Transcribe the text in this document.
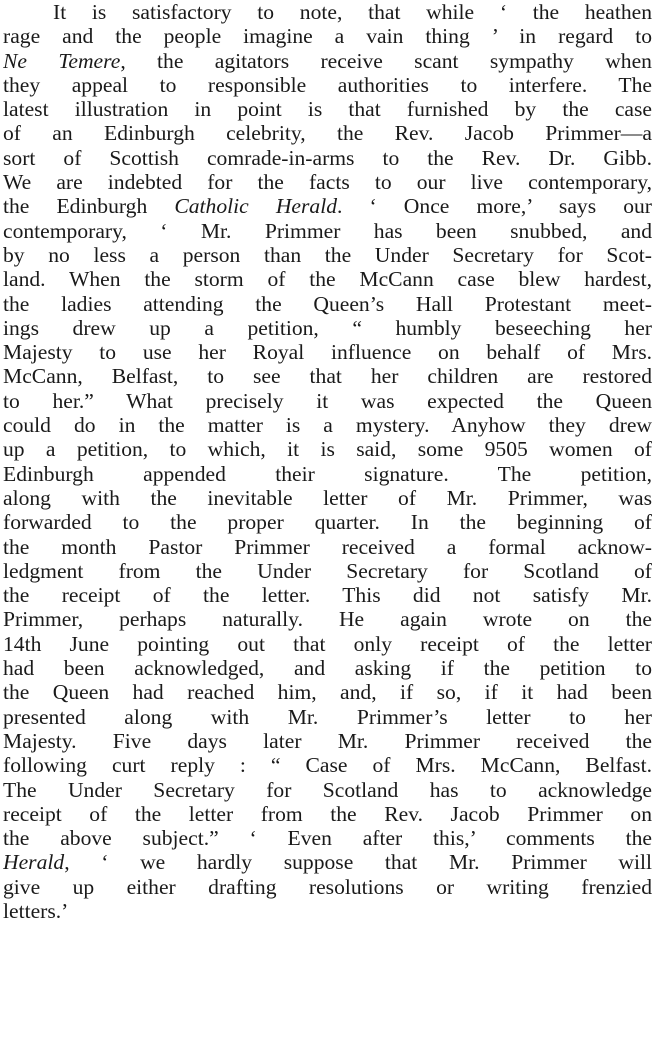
It is satisfactory to note, that while ‘ the heathen
rage and the people imagine a vain thing ’ in regard to
Ne Temere, the agitators receive scant sympathy when
they appeal to responsible authorities to interfere. The
latest illustration in point is that furnished by the case
of an Edinburgh celebrity, the Rev. Jacob Primmer—a
sort of Scottish comrade-in-arms to the Rev. Dr. Gibb.
We are indebted for the facts to our live contemporary,
the Edinburgh Catholic Herald. ‘ Once more,’ says our
contemporary, ‘ Mr. Primmer has been snubbed, and
by no less a person than the Under Secretary for Scot-
land. When the storm of the McCann case blew hardest,
the ladies attending the Queen’s Hall Protestant meet-
ings drew up a petition, “ humbly beseeching her
Majesty to use her Royal influence on behalf of Mrs.
McCann, Belfast, to see that her children are restored
to her.” What precisely it was expected the Queen
could do in the matter is a mystery. Anyhow they drew
up a petition, to which, it is said, some 9505 women of
Edinburgh appended their signature. The petition,
along with the inevitable letter of Mr. Primmer, was
forwarded to the proper quarter. In the beginning of
the month Pastor Primmer received a formal acknow-
ledgment from the Under Secretary for Scotland of
the receipt of the letter. This did not satisfy Mr.
Primmer, perhaps naturally. He again wrote on the
14th June pointing out that only receipt of the letter
had been acknowledged, and asking if the petition to
the Queen had reached him, and, if so, if it had been
presented along with Mr. Primmer’s letter to her
Majesty. Five days later Mr. Primmer received the
following curt reply : “ Case of Mrs. McCann, Belfast.
The Under Secretary for Scotland has to acknowledge
receipt of the letter from the Rev. Jacob Primmer on
the above subject.” ‘ Even after this,’ comments the
Herald, ‘ we hardly suppose that Mr. Primmer will
give up either drafting resolutions or writing frenzied
letters.’
